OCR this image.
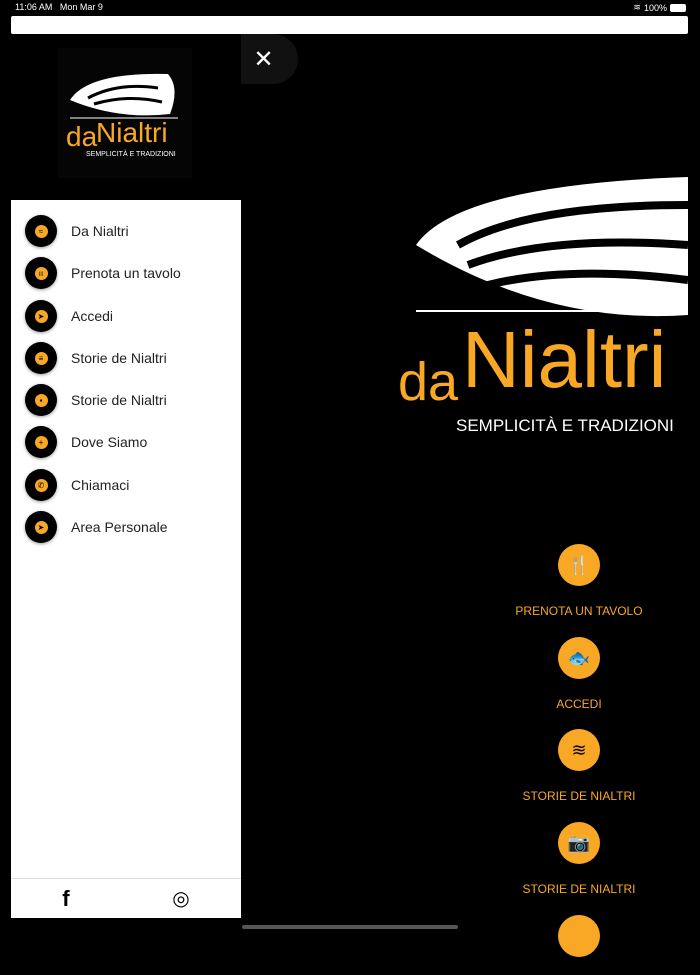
11:06 AM Mon Mar 9	≋ 100%
da
Nialtri
SEMPLICITÀ E TRADIZIONI
✕
≈	Da Nialtri
ıı	Prenota un tavolo
➤ Accedi
≡ Storie de Nialtri
▪	Storie de Nialtri
+ Dove Siamo
✆ Chiamaci
➤ Area Personale
f	◎
da Nialtri
SEMPLICITÀ E TRADIZIONI
🍴
PRENOTA UN TAVOLO
🐟
ACCEDI
≋
STORIE DE NIALTRI
📷
STORIE DE NIALTRI
